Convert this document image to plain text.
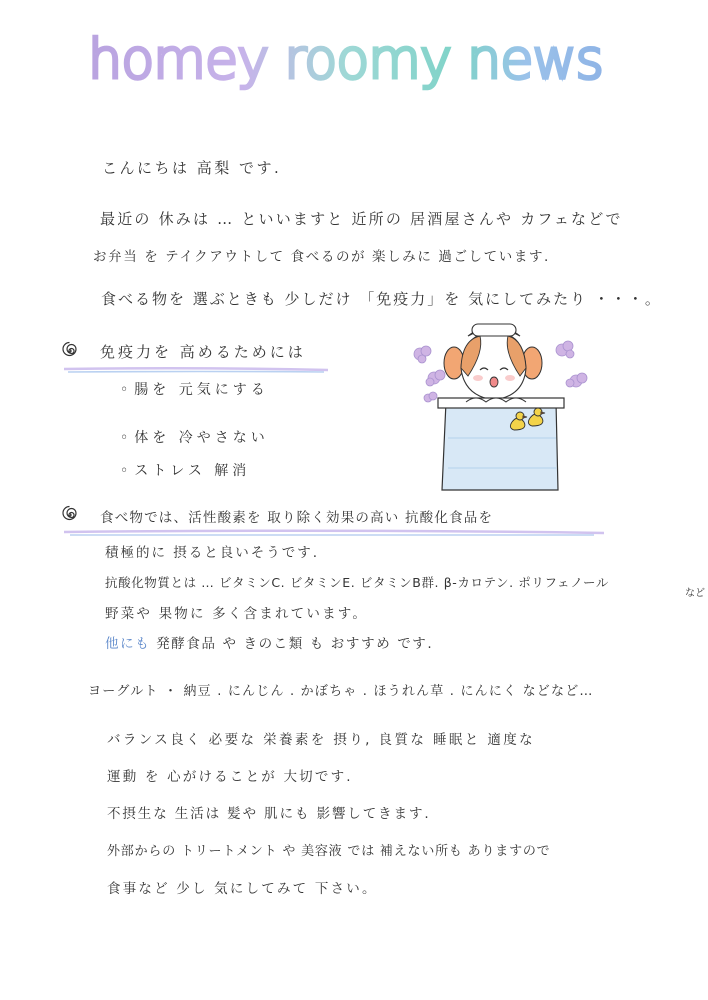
homey roomy news
こんにちは 高梨 です.
最近の 休みは … といいますと 近所の 居酒屋さんや カフェなどで
お弁当 を テイクアウトして 食べるのが 楽しみに 過ごしています.
食べる物を 選ぶときも 少しだけ 「免疫力」を 気にしてみたり ・・・。
免疫力を 高めるためには
◦腸を 元気にする
◦体を 冷やさない
◦ストレス 解消
食べ物では、活性酸素を 取り除く効果の高い 抗酸化食品を
積極的に 摂ると良いそうです.
抗酸化物質とは … ビタミンC. ビタミンE. ビタミンB群. β-カロテン. ポリフェノール
など
野菜や 果物に 多く含まれています。
他にも 発酵食品 や きのこ類 も おすすめ です.
ヨーグルト ・ 納豆 . にんじん . かぼちゃ . ほうれん草 . にんにく などなど…
バランス良く 必要な 栄養素を 摂り, 良質な 睡眠と 適度な
運動 を 心がけることが 大切です.
不摂生な 生活は 髪や 肌にも 影響してきます.
外部からの トリートメント や 美容液 では 補えない所も ありますので
食事など 少し 気にしてみて 下さい。
